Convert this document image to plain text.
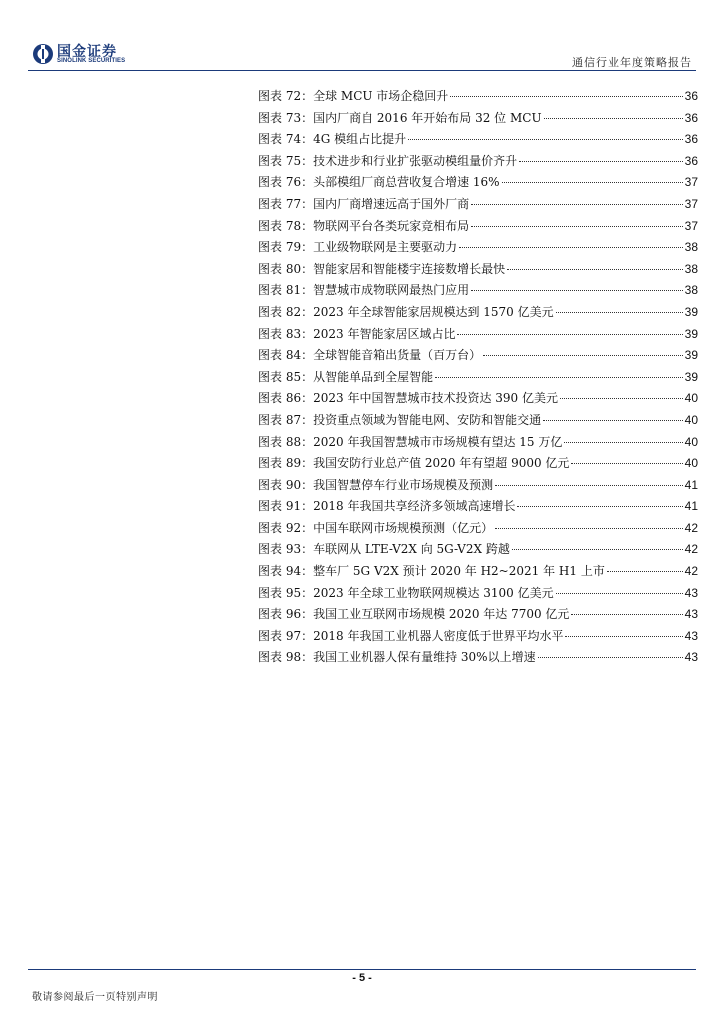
国金证券
SINOLINK SECURITIES	通信行业年度策略报告
图表 72：全球 MCU 市场企稳回升	36
图表 73：国内厂商自 2016 年开始布局 32 位 MCU	36
图表 74：4G 模组占比提升	36
图表 75：技术进步和行业扩张驱动模组量价齐升	36
图表 76：头部模组厂商总营收复合增速 16%	37
图表 77：国内厂商增速远高于国外厂商	37
图表 78：物联网平台各类玩家竞相布局	37
图表 79：工业级物联网是主要驱动力	38
图表 80：智能家居和智能楼宇连接数增长最快	38
图表 81：智慧城市成物联网最热门应用	38
图表 82：2023 年全球智能家居规模达到 1570 亿美元	39
图表 83：2023 年智能家居区域占比	39
图表 84：全球智能音箱出货量（百万台）	39
图表 85：从智能单品到全屋智能	39
图表 86：2023 年中国智慧城市技术投资达 390 亿美元	40
图表 87：投资重点领域为智能电网、安防和智能交通	40
图表 88：2020 年我国智慧城市市场规模有望达 15 万亿	40
图表 89：我国安防行业总产值 2020 年有望超 9000 亿元	40
图表 90：我国智慧停车行业市场规模及预测	41
图表 91：2018 年我国共享经济多领域高速增长	41
图表 92：中国车联网市场规模预测（亿元）	42
图表 93：车联网从 LTE-V2X 向 5G-V2X 跨越	42
图表 94：整车厂 5G V2X 预计 2020 年 H2~2021 年 H1 上市	42
图表 95：2023 年全球工业物联网规模达 3100 亿美元	43
图表 96：我国工业互联网市场规模 2020 年达 7700 亿元	43
图表 97：2018 年我国工业机器人密度低于世界平均水平	43
图表 98：我国工业机器人保有量维持 30%以上增速	43
- 5 -
敬请参阅最后一页特别声明
